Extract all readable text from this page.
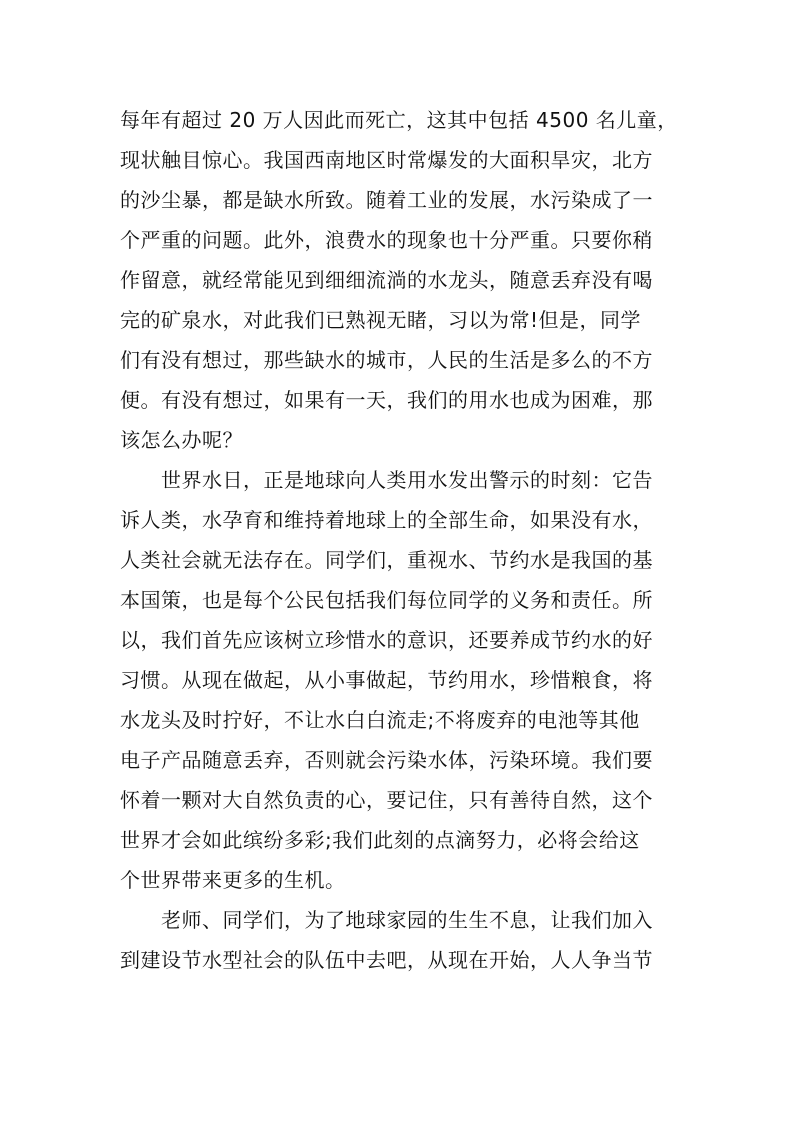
每年有超过 20 万人因此而死亡，这其中包括 4500 名儿童，
现状触目惊心。我国西南地区时常爆发的大面积旱灾，北方
的沙尘暴，都是缺水所致。随着工业的发展，水污染成了一
个严重的问题。此外，浪费水的现象也十分严重。只要你稍
作留意，就经常能见到细细流淌的水龙头，随意丢弃没有喝
完的矿泉水，对此我们已熟视无睹，习以为常!但是，同学
们有没有想过，那些缺水的城市，人民的生活是多么的不方
便。有没有想过，如果有一天，我们的用水也成为困难，那
该怎么办呢？
　　世界水日，正是地球向人类用水发出警示的时刻：它告
诉人类，水孕育和维持着地球上的全部生命，如果没有水，
人类社会就无法存在。同学们，重视水、节约水是我国的基
本国策，也是每个公民包括我们每位同学的义务和责任。所
以，我们首先应该树立珍惜水的意识，还要养成节约水的好
习惯。从现在做起，从小事做起，节约用水，珍惜粮食，将
水龙头及时拧好，不让水白白流走;不将废弃的电池等其他
电子产品随意丢弃，否则就会污染水体，污染环境。我们要
怀着一颗对大自然负责的心，要记住，只有善待自然，这个
世界才会如此缤纷多彩;我们此刻的点滴努力，必将会给这
个世界带来更多的生机。
　　老师、同学们，为了地球家园的生生不息，让我们加入
到建设节水型社会的队伍中去吧，从现在开始，人人争当节
